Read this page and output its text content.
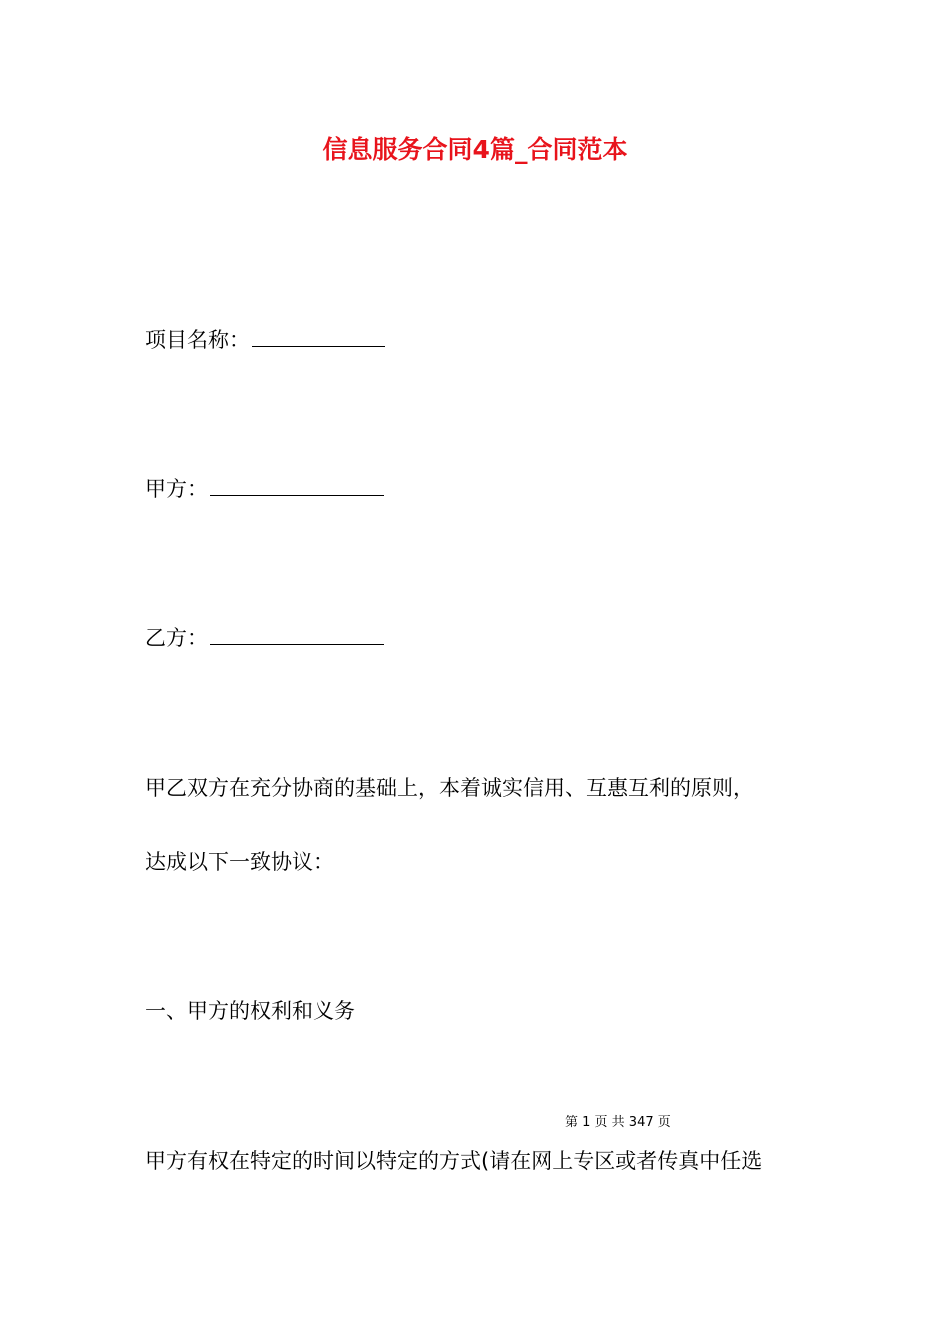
信息服务合同4篇_合同范本
项目名称：
甲方：
乙方：
甲乙双方在充分协商的基础上，本着诚实信用、互惠互利的原则，
达成以下一致协议：
一、甲方的权利和义务
第 1 页 共 347 页
甲方有权在特定的时间以特定的方式(请在网上专区或者传真中任选
